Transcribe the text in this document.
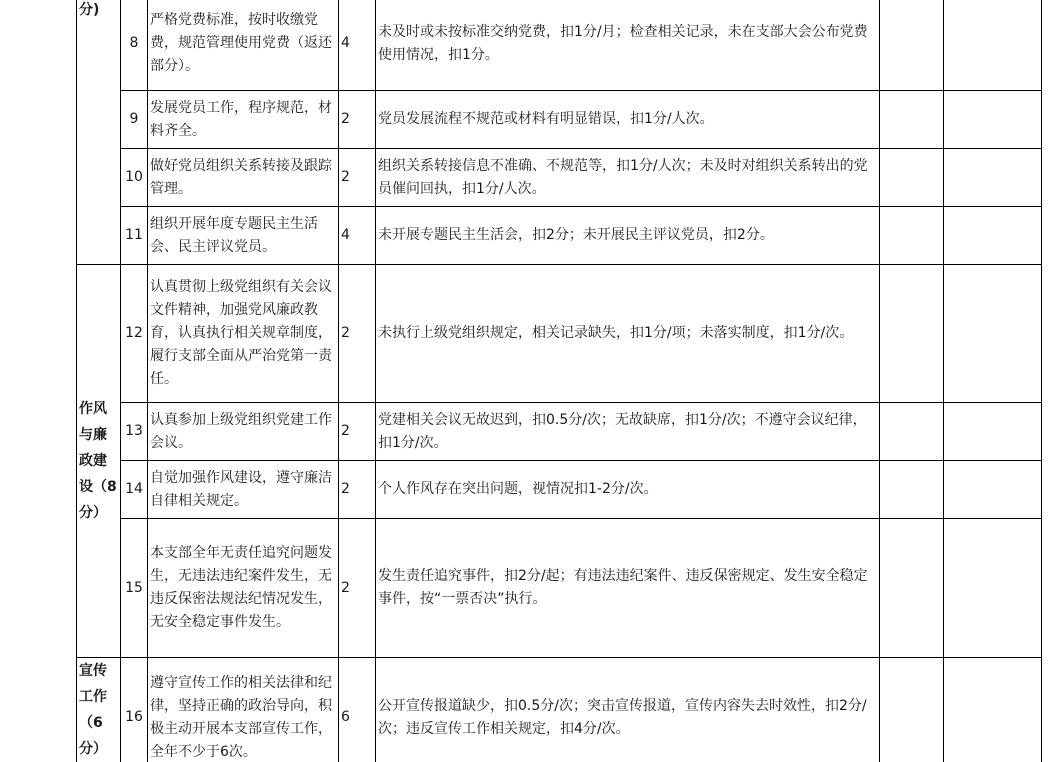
分)	8	严格党费标准，按时收缴党费，规范管理使用党费（返还部分）。	4	未及时或未按标准交纳党费，扣1分/月；检查相关记录，未在支部大会公布党费使用情况，扣1分。		
	9	发展党员工作，程序规范，材料齐全。	2	党员发展流程不规范或材料有明显错误，扣1分/人次。		
	10	做好党员组织关系转接及跟踪管理。	2	组织关系转接信息不准确、不规范等，扣1分/人次；未及时对组织关系转出的党员催问回执，扣1分/人次。		
	11	组织开展年度专题民主生活会、民主评议党员。	4	未开展专题民主生活会，扣2分；未开展民主评议党员，扣2分。		
作风与廉政建设（8分）	12	认真贯彻上级党组织有关会议文件精神，加强党风廉政教育，认真执行相关规章制度，履行支部全面从严治党第一责任。	2	未执行上级党组织规定，相关记录缺失，扣1分/项；未落实制度，扣1分/次。		
	13	认真参加上级党组织党建工作会议。	2	党建相关会议无故迟到，扣0.5分/次；无故缺席，扣1分/次；不遵守会议纪律，扣1分/次。		
	14	自觉加强作风建设，遵守廉洁自律相关规定。	2	个人作风存在突出问题，视情况扣1-2分/次。		
	15	本支部全年无责任追究问题发生，无违法违纪案件发生，无违反保密法规法纪情况发生，无安全稳定事件发生。	2	发生责任追究事件，扣2分/起；有违法违纪案件、违反保密规定、发生安全稳定事件，按“一票否决”执行。		
宣传工作（6分）	16	遵守宣传工作的相关法律和纪律，坚持正确的政治导向，积极主动开展本支部宣传工作，全年不少于6次。	6	公开宣传报道缺少，扣0.5分/次；突击宣传报道，宣传内容失去时效性，扣2分/次；违反宣传工作相关规定，扣4分/次。		
